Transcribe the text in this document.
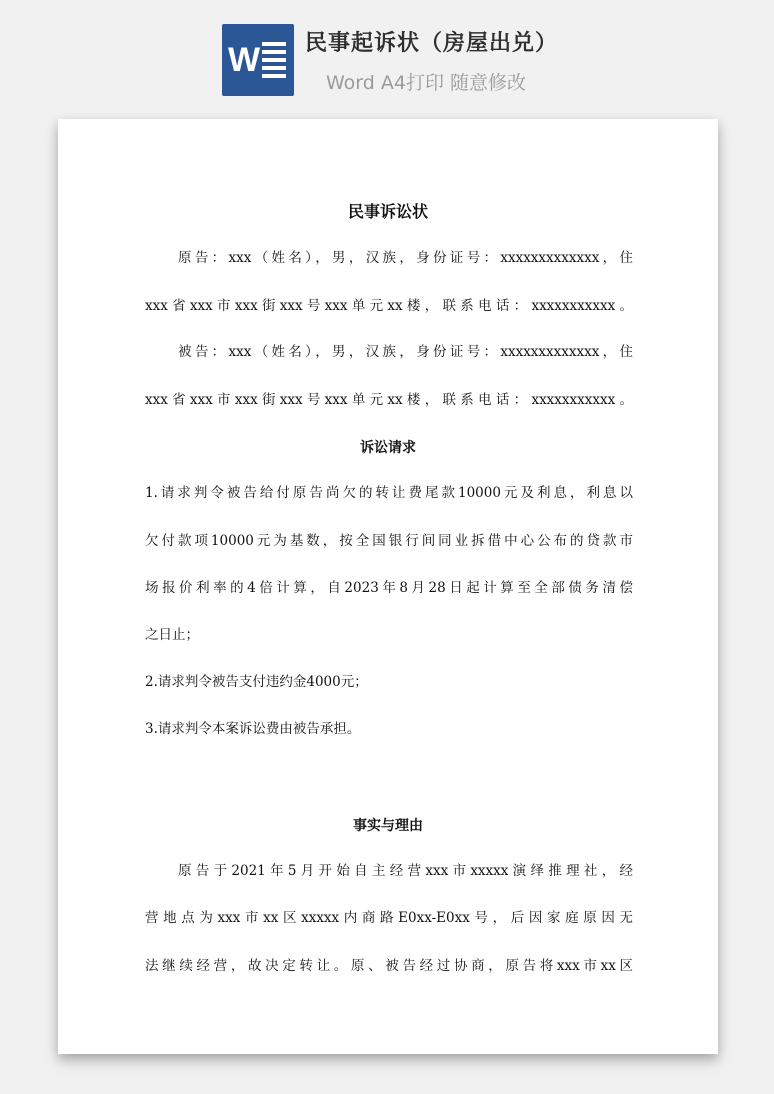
W 民事起诉状（房屋出兑）
Word A4打印 随意修改
民事诉讼状
原告：xxx（姓名），男，汉族，身份证号：xxxxxxxxxxxxx，住
xxx省xxx市xxx街xxx号xxx单元xx楼，联系电话：xxxxxxxxxxx。
被告：xxx（姓名），男，汉族，身份证号：xxxxxxxxxxxxx，住
xxx省xxx市xxx街xxx号xxx单元xx楼，联系电话：xxxxxxxxxxx。
诉讼请求
1.请求判令被告给付原告尚欠的转让费尾款10000元及利息，利息以
欠付款项10000元为基数，按全国银行间同业拆借中心公布的贷款市
场报价利率的4倍计算，自2023年8月28日起计算至全部债务清偿
之日止；
2.请求判令被告支付违约金4000元；
3.请求判令本案诉讼费由被告承担。
事实与理由
原告于2021年5月开始自主经营xxx市xxxxx演绎推理社，经
营地点为xxx市xx区xxxxx内商路E0xx-E0xx号，后因家庭原因无
法继续经营，故决定转让。原、被告经过协商，原告将xxx市xx区
